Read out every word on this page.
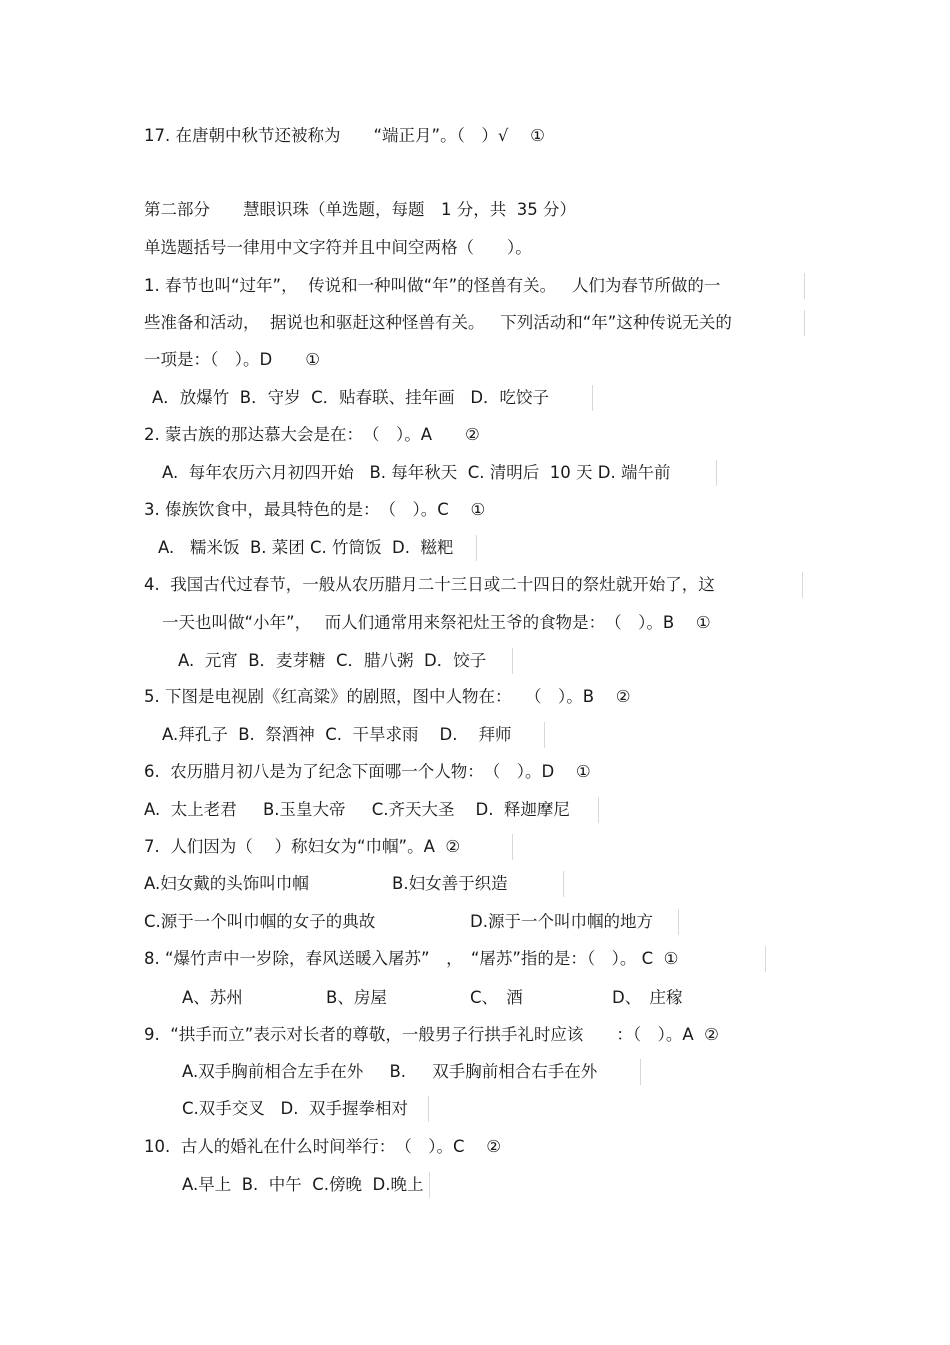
17. 在唐朝中秋节还被称为　　“端正月”。（　）√　 ①
第二部分　　慧眼识珠（单选题，每题　1 分，共  35 分）
单选题括号一律用中文字符并且中间空两格（　　）。
1. 春节也叫“过年”，  传说和一种叫做“年”的怪兽有关。   人们为春节所做的一
些准备和活动，  据说也和驱赶这种怪兽有关。   下列活动和“年”这种传说无关的
一项是：（　）。D　　①
A．放爆竹  B．守岁  C．贴春联、挂年画   D．吃饺子
2. 蒙古族的那达慕大会是在：　（　）。A　　②
A.  每年农历六月初四开始   B. 每年秋天  C. 清明后  10 天 D. 端午前
3. 傣族饮食中，最具特色的是：　（　）。C　 ①
A.   糯米饭  B. 菜团 C. 竹筒饭  D.  糍粑
4.  我国古代过春节，一般从农历腊月二十三日或二十四日的祭灶就开始了，这
一天也叫做“小年”，　 而人们通常用来祭祀灶王爷的食物是：　（　）。B　 ①
A.  元宵  B．麦芽糖  C．腊八粥  D．饺子
5. 下图是电视剧《红高粱》的剧照，图中人物在：　 （　）。B　 ②
A.拜孔子  B.  祭酒神  C.  干旱求雨    D.    拜师
6.  农历腊月初八是为了纪念下面哪一个人物：　（　）。D　 ①
A.  太上老君     B.玉皇大帝     C.齐天大圣    D.  释迦摩尼
7.  人们因为（　 ）称妇女为“巾帼”。A  ②
A.妇女戴的头饰叫巾帼	B.妇女善于织造
C.源于一个叫巾帼的女子的典故	D.源于一个叫巾帼的地方
8. “爆竹声中一岁除，春风送暖入屠苏”　，　“屠苏”指的是：（　）。 C  ①
A、苏州	B、房屋	C、　酒	D、　庄稼
9.  “拱手而立”表示对长者的尊敬，一般男子行拱手礼时应该　　：（　）。A  ②
A.双手胸前相合左手在外     B.     双手胸前相合右手在外
C.双手交叉   D.  双手握拳相对
10.  古人的婚礼在什么时间举行：　（　）。C　 ②
A.早上  B.  中午  C.傍晚  D.晚上
